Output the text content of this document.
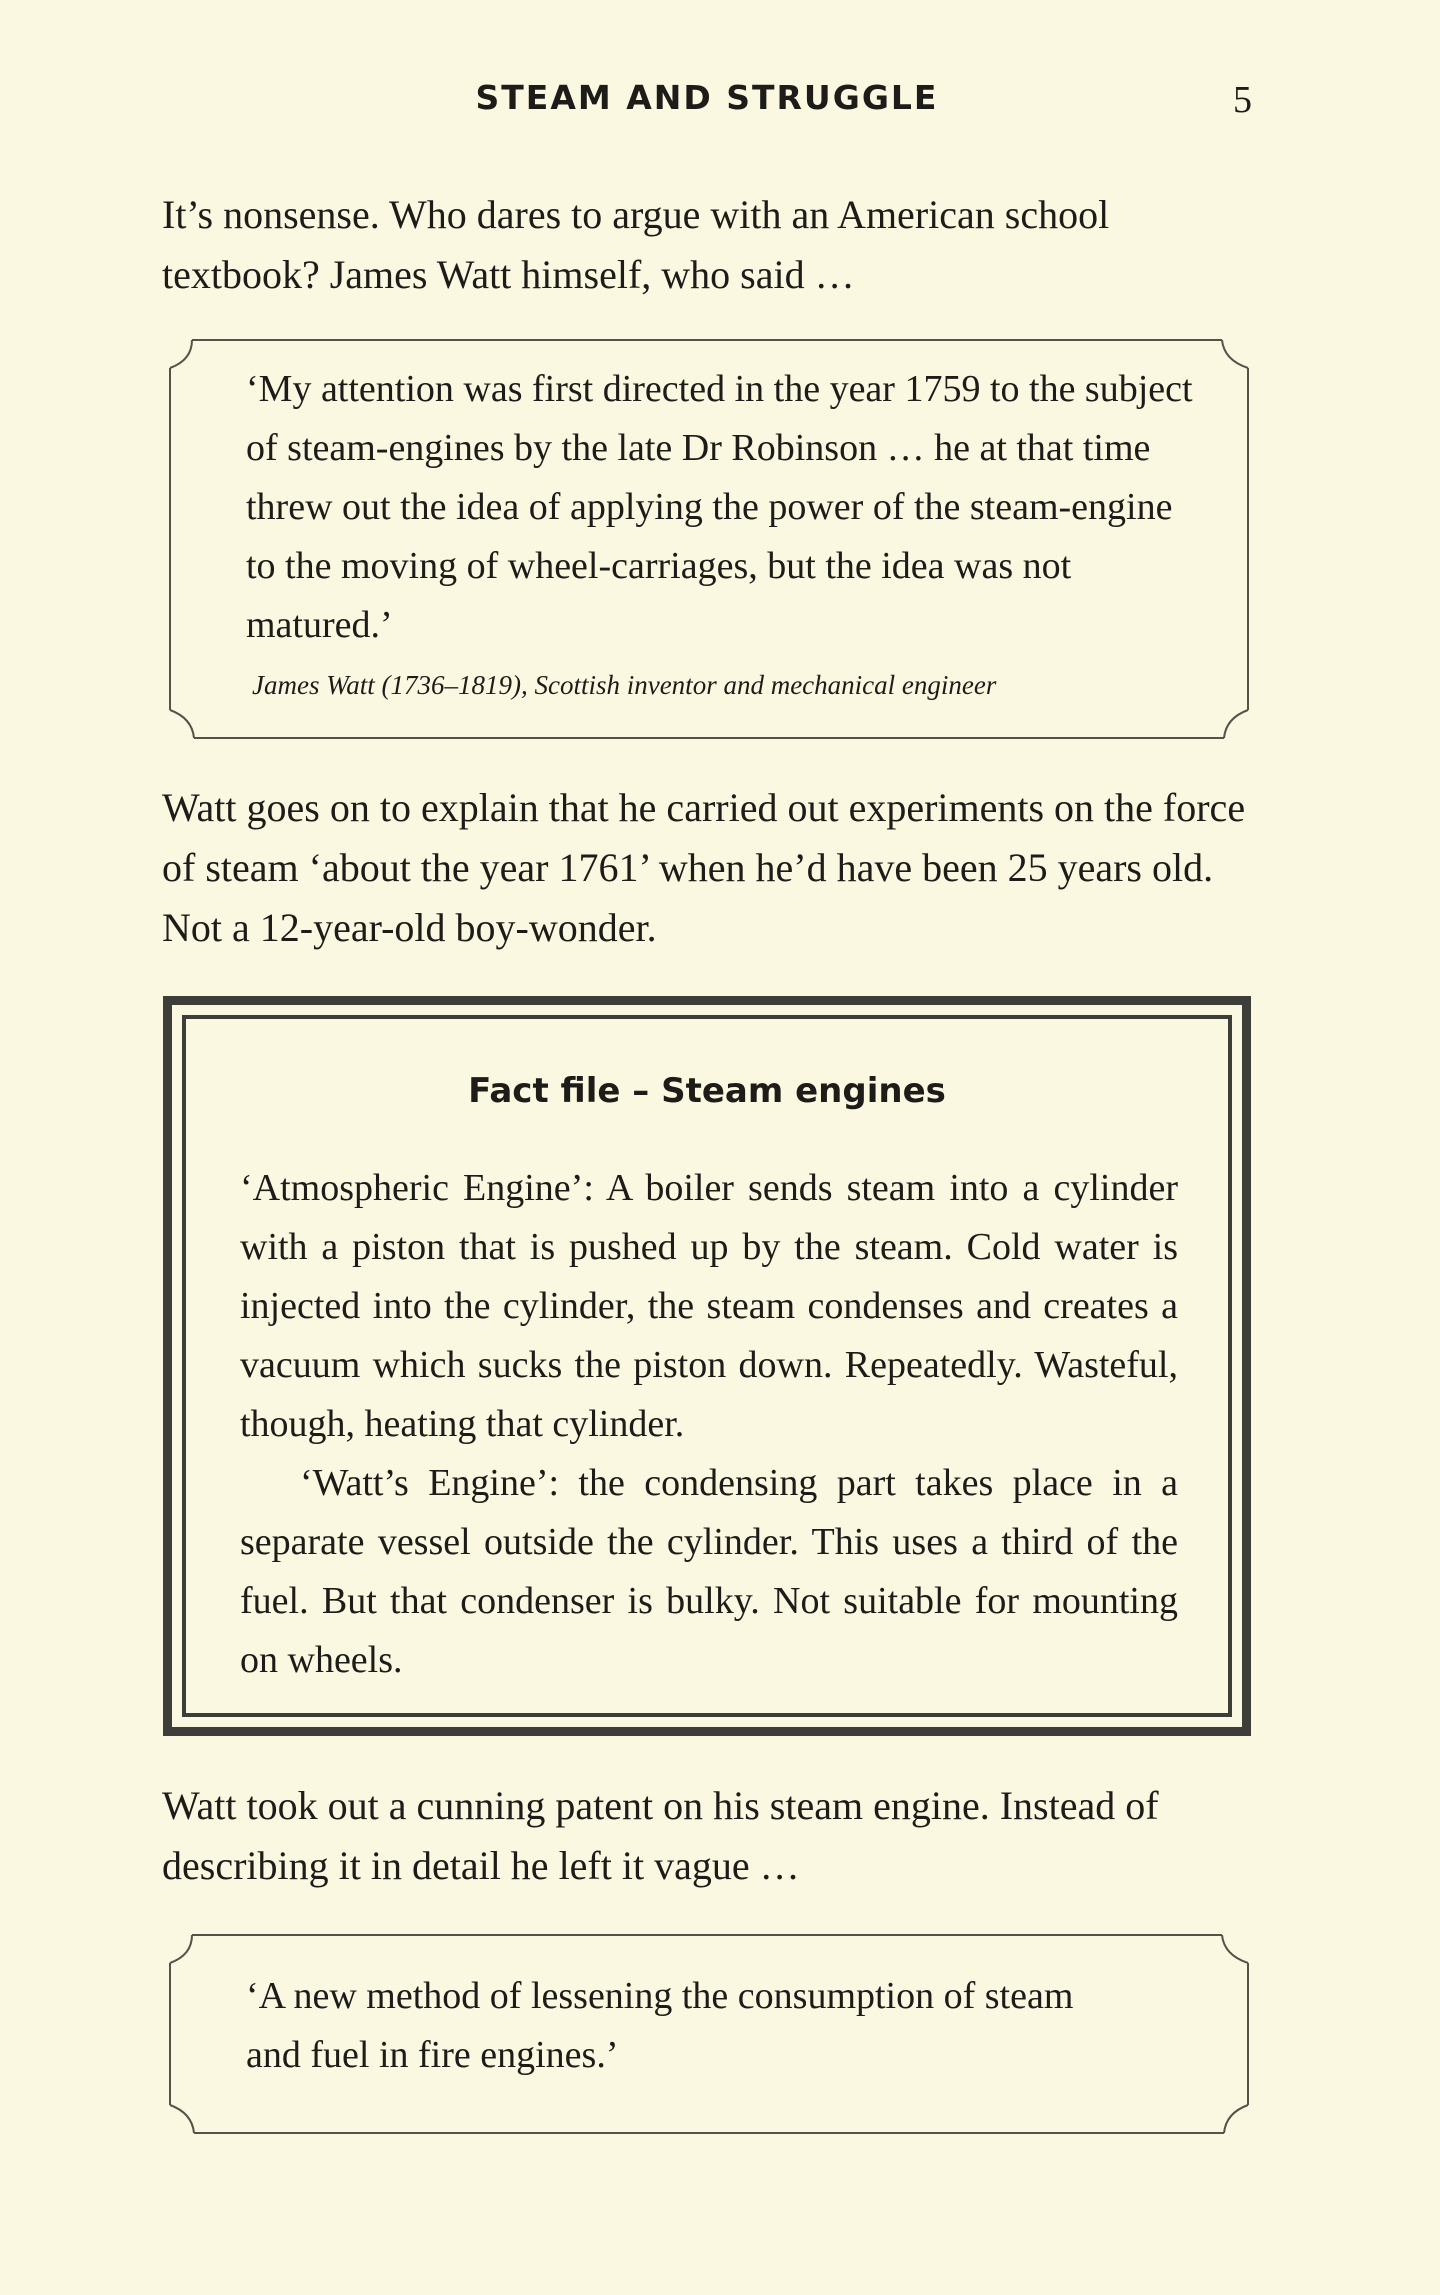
STEAM AND STRUGGLE	5

It’s nonsense. Who dares to argue with an American school textbook? James Watt himself, who said …

‘My attention was first directed in the year 1759 to the subject of steam-engines by the late Dr Robinson … he at that time threw out the idea of applying the power of the steam-engine to the moving of wheel-carriages, but the idea was not matured.’

James Watt (1736–1819), Scottish inventor and mechanical engineer

Watt goes on to explain that he carried out experiments on the force of steam ‘about the year 1761’ when he’d have been 25 years old. Not a 12-year-old boy-wonder.

Fact file – Steam engines

‘Atmospheric Engine’: A boiler sends steam into a cylinder with a piston that is pushed up by the steam. Cold water is injected into the cylinder, the steam condenses and creates a vacuum which sucks the piston down. Repeatedly. Wasteful, though, heating that cylinder.

‘Watt’s Engine’: the condensing part takes place in a separate vessel outside the cylinder. This uses a third of the fuel. But that condenser is bulky. Not suitable for mounting on wheels.

Watt took out a cunning patent on his steam engine. Instead of describing it in detail he left it vague …

‘A new method of lessening the consumption of steam and fuel in fire engines.’
